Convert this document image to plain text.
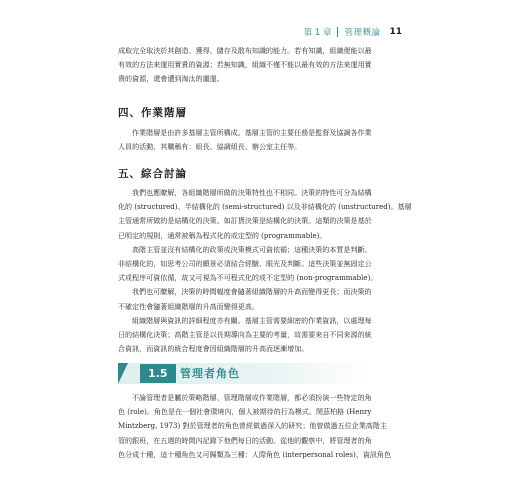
第 1 章 管理概論 11

成取完全取決於其創造、獲得、儲存及散布知識的能力。若有知識，組織便能以最

有效的方法來運用實貴的資源；若無知識，組織不僅不能以最有效的方法來運用實

貴的資源，還會遭到淘汰的噩運。

四、作業階層

作業階層是由許多基層主管所構成。基層主管的主要任務是監督及協調各作業

人員的活動，其職稱有：組長、協調組長、辦公室主任等。

五、綜合討論

我們也應瞭解，各組織階層所做的決策特性也不相同。決策的特性可分為結構

化的 (structured)、半結構化的 (semi-structured) 以及非結構化的 (unstructured)。基層

主管通常所做的是結構化的決策。如訂貨決策是結構化的決策。這類的決策是基於

已明定的規則，通常被稱為程式化的或定型的 (programmable)。

高階主管並沒有結構化的政策或決策模式可資依循；這種決策的本質是判斷、

非結構化的，如思考公司的願景必須結合經驗、眼光及判斷。這些決策並無固定公

式或程序可資依循，故又可視為不可程式化的或不定型的 (non-programmable)。

我們也可瞭解，決策的時間幅度會隨著組織階層的升高而變得更長；而決策的

不確定性會隨著組織階層的升高而變得更高。

組織階層與資訊的詳細程度亦有關。基層主管需要細密的作業資訊，以處理每

日的結構化決策；高階主管是以長期導向為主要的考量，故需要來自不同來源的統

合資訊，而資訊的統合程度會因組織階層的升高而逐漸增加。

1.5	管理者角色

不論管理者是屬於策略階層、管理階層或作業階層，都必須扮演一些特定的角

色 (role)。角色是在一個社會環境內，個人被期待的行為模式。閔茲柏格 (Henry

Mintzberg, 1973) 對於管理者的角色曾經做過深入的研究；他曾做過五位企業高階主

管的跟班，在五週的時間內記錄下他們每日的活動。從他的觀察中，將管理者的角

色分成十種，這十種角色又可歸類為三種：人際角色 (interpersonal roles)、資訊角色
